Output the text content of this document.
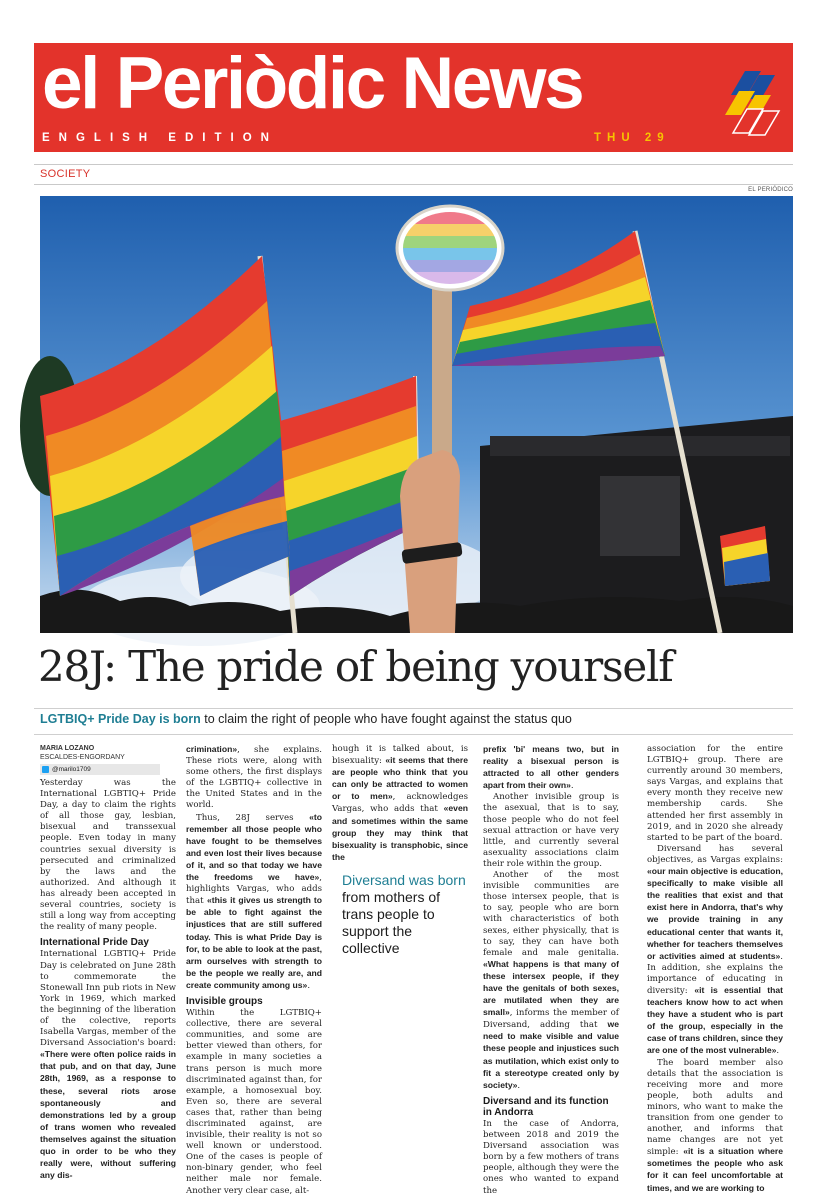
el Periòdic News
ENGLISH EDITION	THU 29
SOCIETY
EL PERIÓDICO
28J: The pride of being yourself
LGTBIQ+ Pride Day is born to claim the right of people who have fought against the status quo
MARIA LOZANO
ESCALDES-ENGORDANY
@marilo1709

Yesterday was the International LGBTIQ+ Pride Day, a day to claim the rights of all those gay, lesbian, bisexual and transsexual people. Even today in many countries sexual diversity is persecuted and criminalized by the laws and the authorized. And although it has already been accepted in several countries, society is still a long way from accepting the reality of many people.

International Pride Day

International LGBTIQ+ Pride Day is celebrated on June 28th to commemorate the Stonewall Inn pub riots in New York in 1969, which marked the beginning of the liberation of the colective, reports Isabella Vargas, member of the Diversand Association's board: «There were often police raids in that pub, and on that day, June 28th, 1969, as a response to these, several riots arose spontaneously and demonstrations led by a group of trans women who revealed themselves against the situation quo in order to be who they really were, without suffering any dis-

crimination», she explains. These riots were, along with some others, the first displays of the LGBTIQ+ collective in the United States and in the world.

Thus, 28J serves «to remember all those people who have fought to be themselves and even lost their lives because of it, and so that today we have the freedoms we have», highlights Vargas, who adds that «this it gives us strength to be able to fight against the injustices that are still suffered today. This is what Pride Day is for, to be able to look at the past, arm ourselves with strength to be the people we really are, and create community among us».

Invisible groups

Within the LGTBIQ+ collective, there are several communities, and some are better viewed than others, for example in many societies a trans person is much more discriminated against than, for example, a homosexual boy. Even so, there are several cases that, rather than being discriminated against, are invisible, their reality is not so well known or understood. One of the cases is people of non-binary gender, who feel neither male nor female. Another very clear case, alt-

hough it is talked about, is bisexuality: «it seems that there are people who think that you can only be attracted to women or to men», acknowledges Vargas, who adds that «even and sometimes within the same group they may think that bisexuality is transphobic, since the

Diversand was born from mothers of trans people to support the collective

prefix 'bi' means two, but in reality a bisexual person is attracted to all other genders apart from their own».

Another invisible group is the asexual, that is to say, those people who do not feel sexual attraction or have very little, and currently several asexuality associations claim their role within the group.

Another of the most invisible communities are those intersex people, that is to say, people who are born with characteristics of both sexes, either physically, that is to say, they can have both female and male genitalia. «What happens is that many of these intersex people, if they have the genitals of both sexes, are mutilated when they are small», informs the member of Diversand, adding that we need to make visible and value these people and injustices such as mutilation, which exist only to fit a stereotype created only by society».

Diversand and its function in Andorra

In the case of Andorra, between 2018 and 2019 the Diversand association was born by a few mothers of trans people, although they were the ones who wanted to expand the

association for the entire LGTBIQ+ group. There are currently around 30 members, says Vargas, and explains that every month they receive new membership cards. She attended her first assembly in 2019, and in 2020 she already started to be part of the board.

Diversand has several objectives, as Vargas explains: «our main objective is education, specifically to make visible all the realities that exist and that exist here in Andorra, that's why we provide training in any educational center that wants it, whether for teachers themselves or activities aimed at students». In addition, she explains the importance of educating in diversity: «it is essential that teachers know how to act when they have a student who is part of the group, especially in the case of trans children, since they are one of the most vulnerable».

The board member also details that the association is receiving more and more people, both adults and minors, who want to make the transition from one gender to another, and informs that name changes are not yet simple: «it is a situation where sometimes the people who ask for it can feel uncomfortable at times, and we are working to
